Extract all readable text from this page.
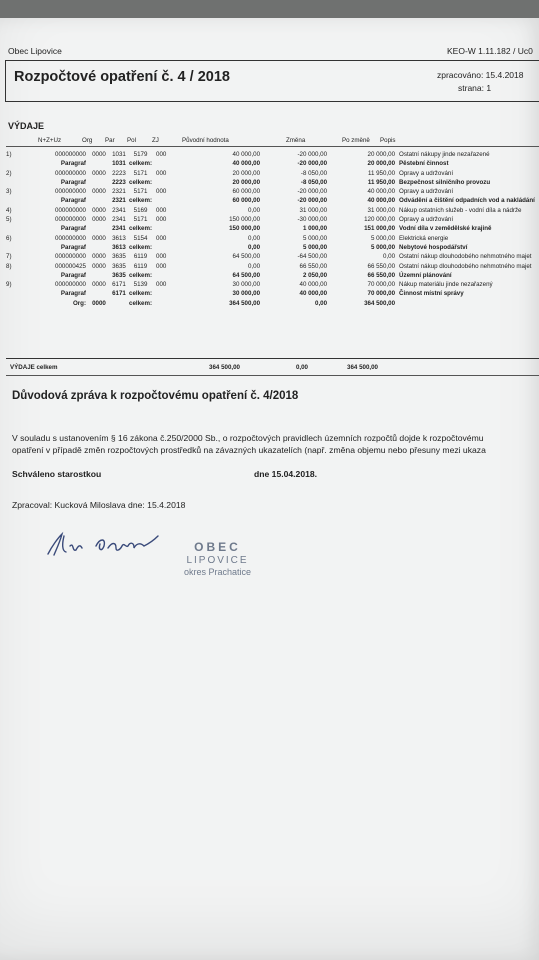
Obec Lipovice	KEO-W 1.11.182 / Uc0
Rozpočtové opatření č. 4 / 2018	zpracováno: 15.4.2018
strana: 1
VÝDAJE
N+Z+Uz	Org Par Pol	ZJ	Původní hodnota	Změna	Po změně Popis
1)	000000000	0000	1031	5179	000	40 000,00	-20 000,00	20 000,00	Ostatní nákupy jinde nezařazené
	Paragraf		1031	celkem:		40 000,00	-20 000,00	20 000,00	Pěstební činnost
2)	000000000	0000	2223	5171	000	20 000,00	-8 050,00	11 950,00	Opravy a udržování
	Paragraf		2223	celkem:		20 000,00	-8 050,00	11 950,00	Bezpečnost silničního provozu
3)	000000000	0000	2321	5171	000	60 000,00	-20 000,00	40 000,00	Opravy a udržování
	Paragraf		2321	celkem:		60 000,00	-20 000,00	40 000,00	Odvádění a čištění odpadních vod a nakládání
4)	000000000	0000	2341	5169	000	0,00	31 000,00	31 000,00	Nákup ostatních služeb - vodní díla a nádrže
5)	000000000	0000	2341	5171	000	150 000,00	-30 000,00	120 000,00	Opravy a udržování
	Paragraf		2341	celkem:		150 000,00	1 000,00	151 000,00	Vodní díla v zemědělské krajině
6)	000000000	0000	3613	5154	000	0,00	5 000,00	5 000,00	Elektrická energie
	Paragraf		3613	celkem:		0,00	5 000,00	5 000,00	Nebytové hospodářství
7)	000000000	0000	3635	6119	000	64 500,00	-64 500,00	0,00	Ostatní nákup dlouhodobého nehmotného majet
8)	000000425	0000	3635	6119	000	0,00	66 550,00	66 550,00	Ostatní nákup dlouhodobého nehmotného majet
	Paragraf		3635	celkem:		64 500,00	2 050,00	66 550,00	Územní plánování
9)	000000000	0000	6171	5139	000	30 000,00	40 000,00	70 000,00	Nákup materiálu jinde nezařazený
	Paragraf		6171	celkem:		30 000,00	40 000,00	70 000,00	Činnost místní správy
	Org:	0000		celkem:		364 500,00	0,00	364 500,00	
VÝDAJE celkem	364 500,00	0,00	364 500,00
Důvodová zpráva k rozpočtovému opatření č. 4/2018
V souladu s ustanovením § 16 zákona č.250/2000 Sb., o rozpočtových pravidlech územních rozpočtů dojde k rozpočtovému
opatření v případě změn rozpočtových prostředků na závazných ukazatelích (např. změna objemu nebo přesuny mezi ukaza
Schváleno starostkou	dne 15.04.2018.
Zpracoval: Kucková Miloslava dne: 15.4.2018
OBEC
LIPOVICE
okres Prachatice
